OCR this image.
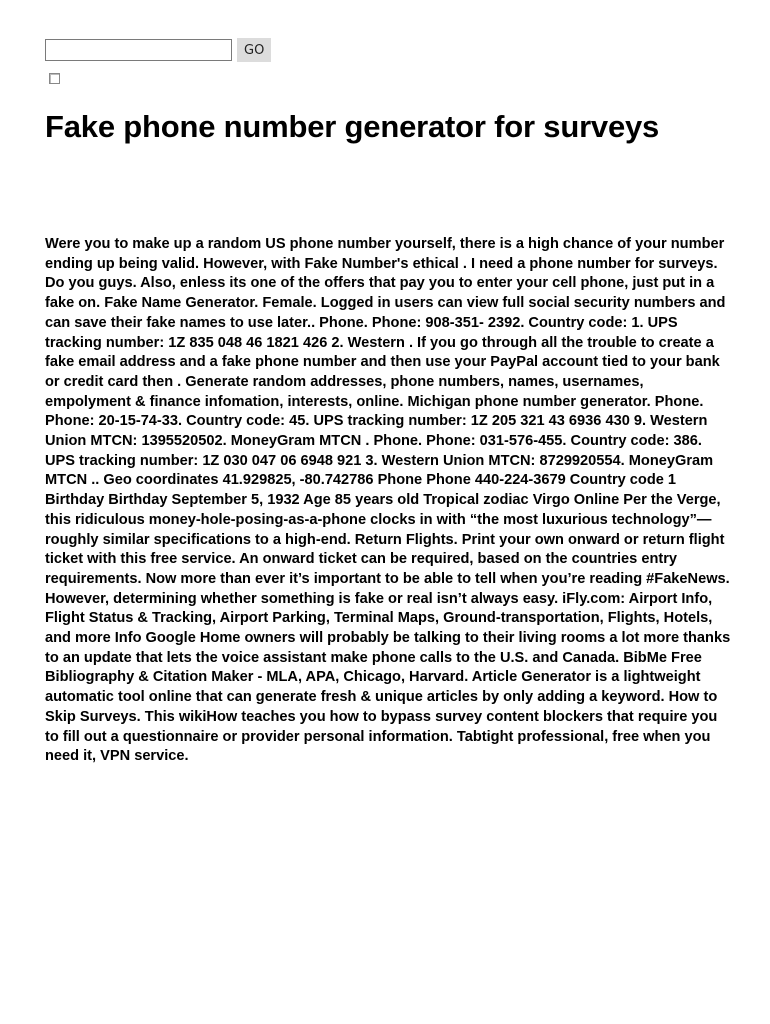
GO
Fake phone number generator for surveys

Were you to make up a random US phone number yourself, there is a high chance of your number ending up being valid. However, with Fake Number's ethical . I need a phone number for surveys. Do you guys. Also, enless its one of the offers that pay you to enter your cell phone, just put in a fake on. Fake Name Generator. Female. Logged in users can view full social security numbers and can save their fake names to use later.. Phone. Phone: 908-351- 2392. Country code: 1. UPS tracking number: 1Z 835 048 46 1821 426 2. Western . If you go through all the trouble to create a fake email address and a fake phone number and then use your PayPal account tied to your bank or credit card then . Generate random addresses, phone numbers, names, usernames, empolyment & finance infomation, interests, online. Michigan phone number generator. Phone. Phone: 20-15-74-33. Country code: 45. UPS tracking number: 1Z 205 321 43 6936 430 9. Western Union MTCN: 1395520502. MoneyGram MTCN . Phone. Phone: 031-576-455. Country code: 386. UPS tracking number: 1Z 030 047 06 6948 921 3. Western Union MTCN: 8729920554. MoneyGram MTCN .. Geo coordinates 41.929825, -80.742786 Phone Phone 440-224-3679 Country code 1 Birthday Birthday September 5, 1932 Age 85 years old Tropical zodiac Virgo Online Per the Verge, this ridiculous money-hole-posing-as-a-phone clocks in with “the most luxurious technology”—roughly similar specifications to a high-end. Return Flights. Print your own onward or return flight ticket with this free service. An onward ticket can be required, based on the countries entry requirements. Now more than ever it’s important to be able to tell when you’re reading #FakeNews. However, determining whether something is fake or real isn’t always easy. iFly.com: Airport Info, Flight Status & Tracking, Airport Parking, Terminal Maps, Ground-transportation, Flights, Hotels, and more Info Google Home owners will probably be talking to their living rooms a lot more thanks to an update that lets the voice assistant make phone calls to the U.S. and Canada. BibMe Free Bibliography & Citation Maker - MLA, APA, Chicago, Harvard. Article Generator is a lightweight automatic tool online that can generate fresh & unique articles by only adding a keyword. How to Skip Surveys. This wikiHow teaches you how to bypass survey content blockers that require you to fill out a questionnaire or provider personal information. Tabtight professional, free when you need it, VPN service.
